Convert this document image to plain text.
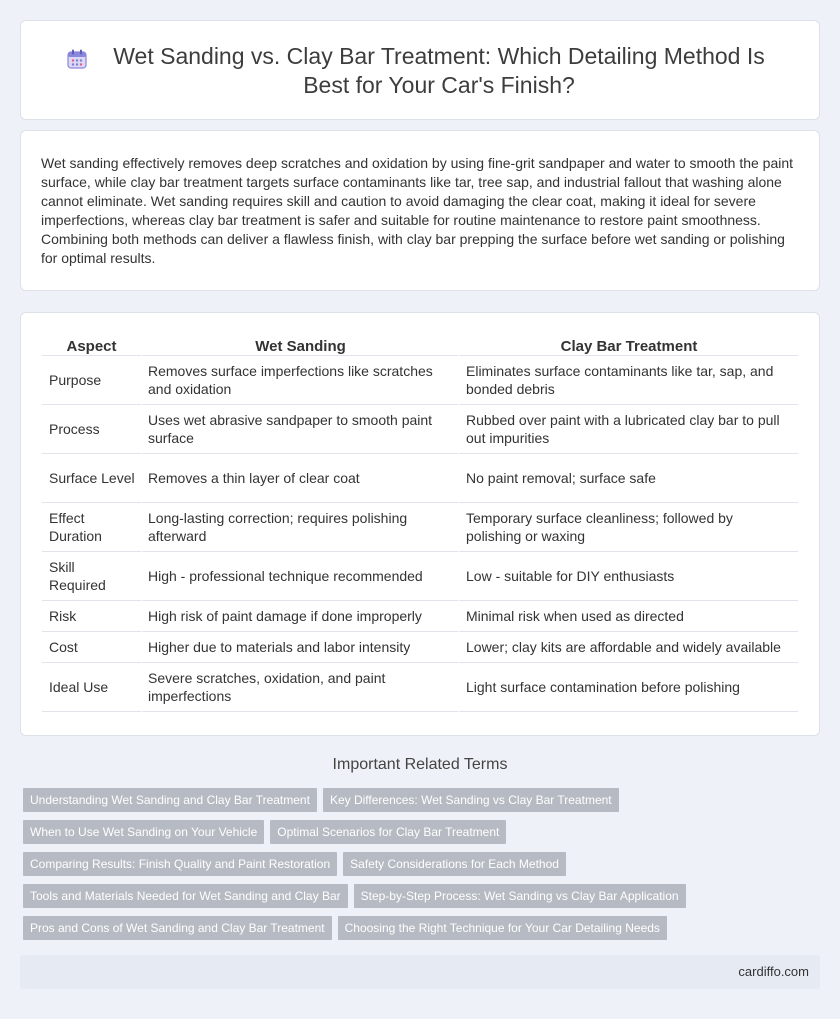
Wet Sanding vs. Clay Bar Treatment: Which Detailing Method Is Best for Your Car's Finish?

Wet sanding effectively removes deep scratches and oxidation by using fine-grit sandpaper and water to smooth the paint surface, while clay bar treatment targets surface contaminants like tar, tree sap, and industrial fallout that washing alone cannot eliminate. Wet sanding requires skill and caution to avoid damaging the clear coat, making it ideal for severe imperfections, whereas clay bar treatment is safer and suitable for routine maintenance to restore paint smoothness. Combining both methods can deliver a flawless finish, with clay bar prepping the surface before wet sanding or polishing for optimal results.

Aspect	Wet Sanding	Clay Bar Treatment
Purpose	Removes surface imperfections like scratches and oxidation	Eliminates surface contaminants like tar, sap, and bonded debris
Process	Uses wet abrasive sandpaper to smooth paint surface	Rubbed over paint with a lubricated clay bar to pull out impurities
Surface Level	Removes a thin layer of clear coat	No paint removal; surface safe
Effect Duration	Long-lasting correction; requires polishing afterward	Temporary surface cleanliness; followed by polishing or waxing
Skill Required	High - professional technique recommended	Low - suitable for DIY enthusiasts
Risk	High risk of paint damage if done improperly	Minimal risk when used as directed
Cost	Higher due to materials and labor intensity	Lower; clay kits are affordable and widely available
Ideal Use	Severe scratches, oxidation, and paint imperfections	Light surface contamination before polishing
Important Related Terms
Understanding Wet Sanding and Clay Bar Treatment	Key Differences: Wet Sanding vs Clay Bar Treatment
When to Use Wet Sanding on Your Vehicle	Optimal Scenarios for Clay Bar Treatment
Comparing Results: Finish Quality and Paint Restoration	Safety Considerations for Each Method
Tools and Materials Needed for Wet Sanding and Clay Bar	Step-by-Step Process: Wet Sanding vs Clay Bar Application
Pros and Cons of Wet Sanding and Clay Bar Treatment	Choosing the Right Technique for Your Car Detailing Needs
cardiffo.com
